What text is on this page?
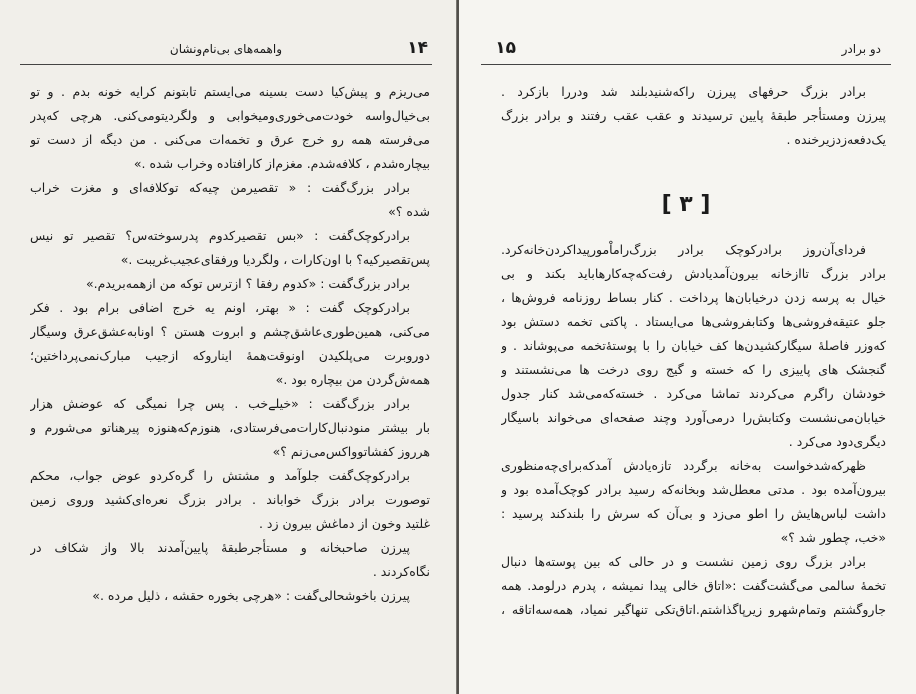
۱۴
واهمه‌های بی‌نام‌ونشان
می‌ریزم و پیش‌کیا دست بسینه می‌ایستم تا‌بتونم کرایه خونه بدم . و تو
بی‌خیال‌واسه خودت‌می‌خوری‌ومیخوابی و ولگردیتومی‌کنی. هرچی که‌پدر
می‌فرسته همه رو خرج عرق و تخمه‌ات می‌کنی . من دیگه از دست تو
بیچاره‌شدم ، کلافه‌شدم. مغزم‌از کارافتاده وخراب شده .»
برادر بزرگ‌گفت : « تقصیرمن چیه‌که توکلافه‌ای و مغزت خراب
شده ؟»
برادرکوچک‌گفت : «بس تقصیرکدوم پدرسوخته‌س؟ تقصیر تو نیس
پس‌تقصیرکیه؟ با اون‌کارات ، ولگردیا ورفقای‌عجیب‌غریبت .»
برادر بزرگ‌گفت : «کدوم رفقا ؟ ازترس توکه من ازهمه‌بریدم.»
برادرکوچک گفت : « بهتر، اونم یه خرج اضافی برام بود . فکر
می‌کنی، همین‌طوری‌عاشق‌چشم و ابروت هستن ؟ اونا‌به‌عشق‌عرق وسیگار
دوروبرت می‌پلکیدن او‌نوقت‌همهٔ اینارو‌که ازجیب مبارک‌نمی‌پرداختین؛
همه‌ش‌گردن من بیچاره بود .»
برادر بزرگ‌گفت : «خیلےخب . پس چرا نمیگی که عوضش هزار
بار بیشتر منو‌دنبال‌کارات‌می‌فرستادی، هنوزم‌که‌هنوزه پیرهناتو می‌شورم و
هرروز کفشاتو‌واکس‌می‌زنم ؟»
برادرکوچک‌گفت جلو‌آمد و مشتش را گره‌کردو عوض جواب، محکم
توصورت برادر بزرگ خواباند . برادر بزرگ نعره‌ای‌کشید وروی زمین
غلتید وخون از دماغش بیرون زد .
پیرزن صاحبخانه و مستأجر‌طبقهٔ پایین‌آمدند بالا واز شکاف در
نگاه‌کردند .
پیرزن باخوشحالی‌گفت : «هرچی بخوره حقشه ، ذلیل مرده .»
دو برادر
۱۵
برادر بزرگ حرفهای پیرزن راکه‌شنیدبلند شد ودررا بازکرد .
پیرزن ومستأجر طبقهٔ پایین ترسیدند و عقب عقب رفتند و برادر بزرگ
یک‌دفعه‌زدزیرخنده .
[ ۳ ]
فردای‌آن‌روز برادرکوچک‌ برادر بزرگ‌راماْمورپیداکردن‌خانه‌کرد.
برادر بزرگ تاازخانه بیرون‌آمدیادش رفت‌که‌چه‌کارهاباید بکند و بی
خیال به پرسه زدن درخیابان‌ها پرداخت . کنار بساط روزنامه فروش‌ها ،
جلو عتیقه‌فروشی‌ها وکتابفروشی‌ها می‌ایستاد . پاکتی تخمه دستش بود
که‌وزر فاصلهٔ سیگارکشیدن‌ها کف خیابان را با پوستهٔ‌تخمه می‌پوشاند . و
گنجشک های پاییزی را که خسته و گیج روی درخت ها می‌نشستند و
خودشان راگرم می‌کردند تماشا می‌کرد . خسته‌که‌می‌شد کنار جدول
خیابان‌می‌نشست وکتابش‌را درمی‌آورد وچند صفحه‌ای می‌خواند باسیگار
دیگری‌دود می‌کرد .
ظهرکه‌شدخواست به‌خانه برگردد تازه‌یادش آمدکه‌برای‌چه‌منظوری
بیرون‌آمده بود . مدتی معطل‌شد وبخانه‌که رسید برادر کوچک‌آمده بود و
داشت لباس‌هایش را اطو می‌زد و بی‌آن که سرش را بلندکند پرسید :
«خب، چطور شد ؟»
برادر بزرگ روی زمین نشست و در حالی که بین پوسته‌ها دنبال
تخمهٔ سالمی می‌گشت‌گفت :«اتاق خالی پیدا نمیشه ، پدرم درلومد. همه
جارو‌گشتم و‌تمام‌شهرو زیرپاگذاشتم.اتاق‌تکی تنها‌گیر نمیاد، همه‌سه‌اتاقه ،
